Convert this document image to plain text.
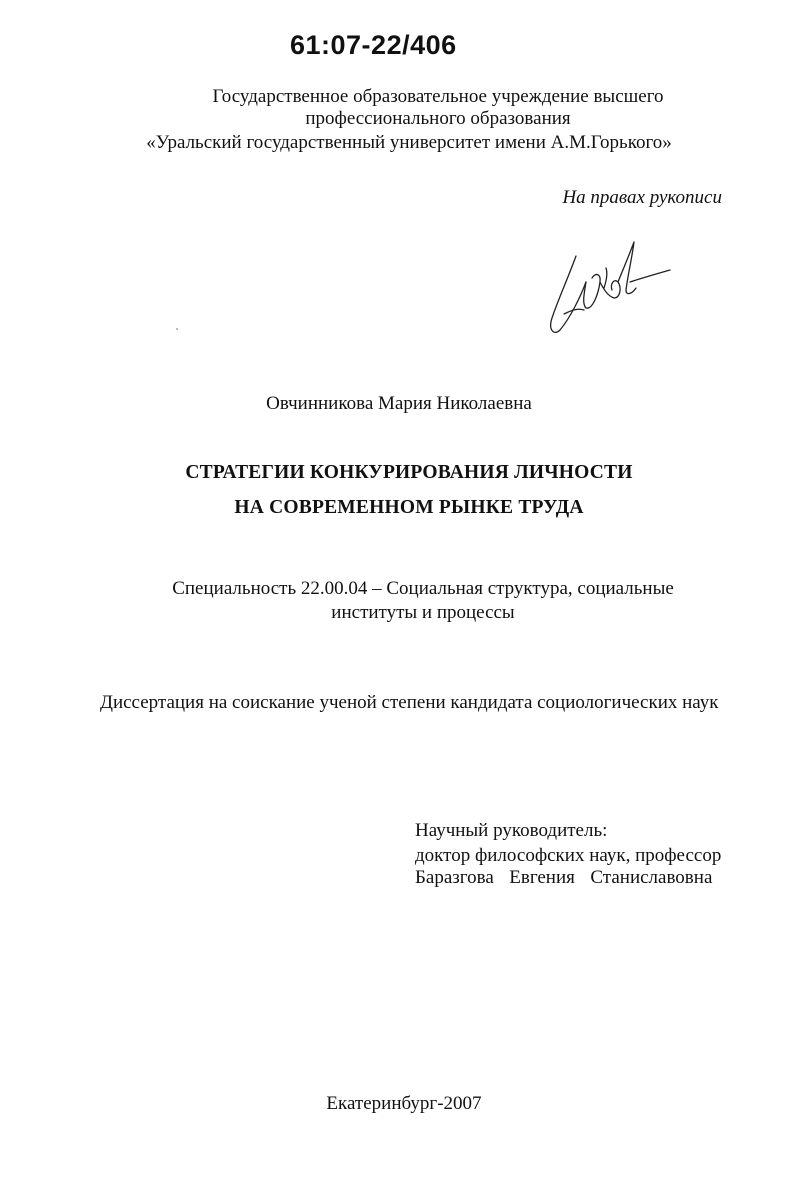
61:07-22/406
Государственное образовательное учреждение высшего
профессионального образования
«Уральский государственный университет имени А.М.Горького»
На правах рукописи
Овчинникова Мария Николаевна
СТРАТЕГИИ КОНКУРИРОВАНИЯ ЛИЧНОСТИ
НА СОВРЕМЕННОМ РЫНКЕ ТРУДА
Специальность 22.00.04 – Социальная структура, социальные
институты и процессы
Диссертация на соискание ученой степени кандидата социологических наук
Научный руководитель:
доктор философских наук, профессор
Баразгова  Евгения  Станиславовна
Екатеринбург-2007
